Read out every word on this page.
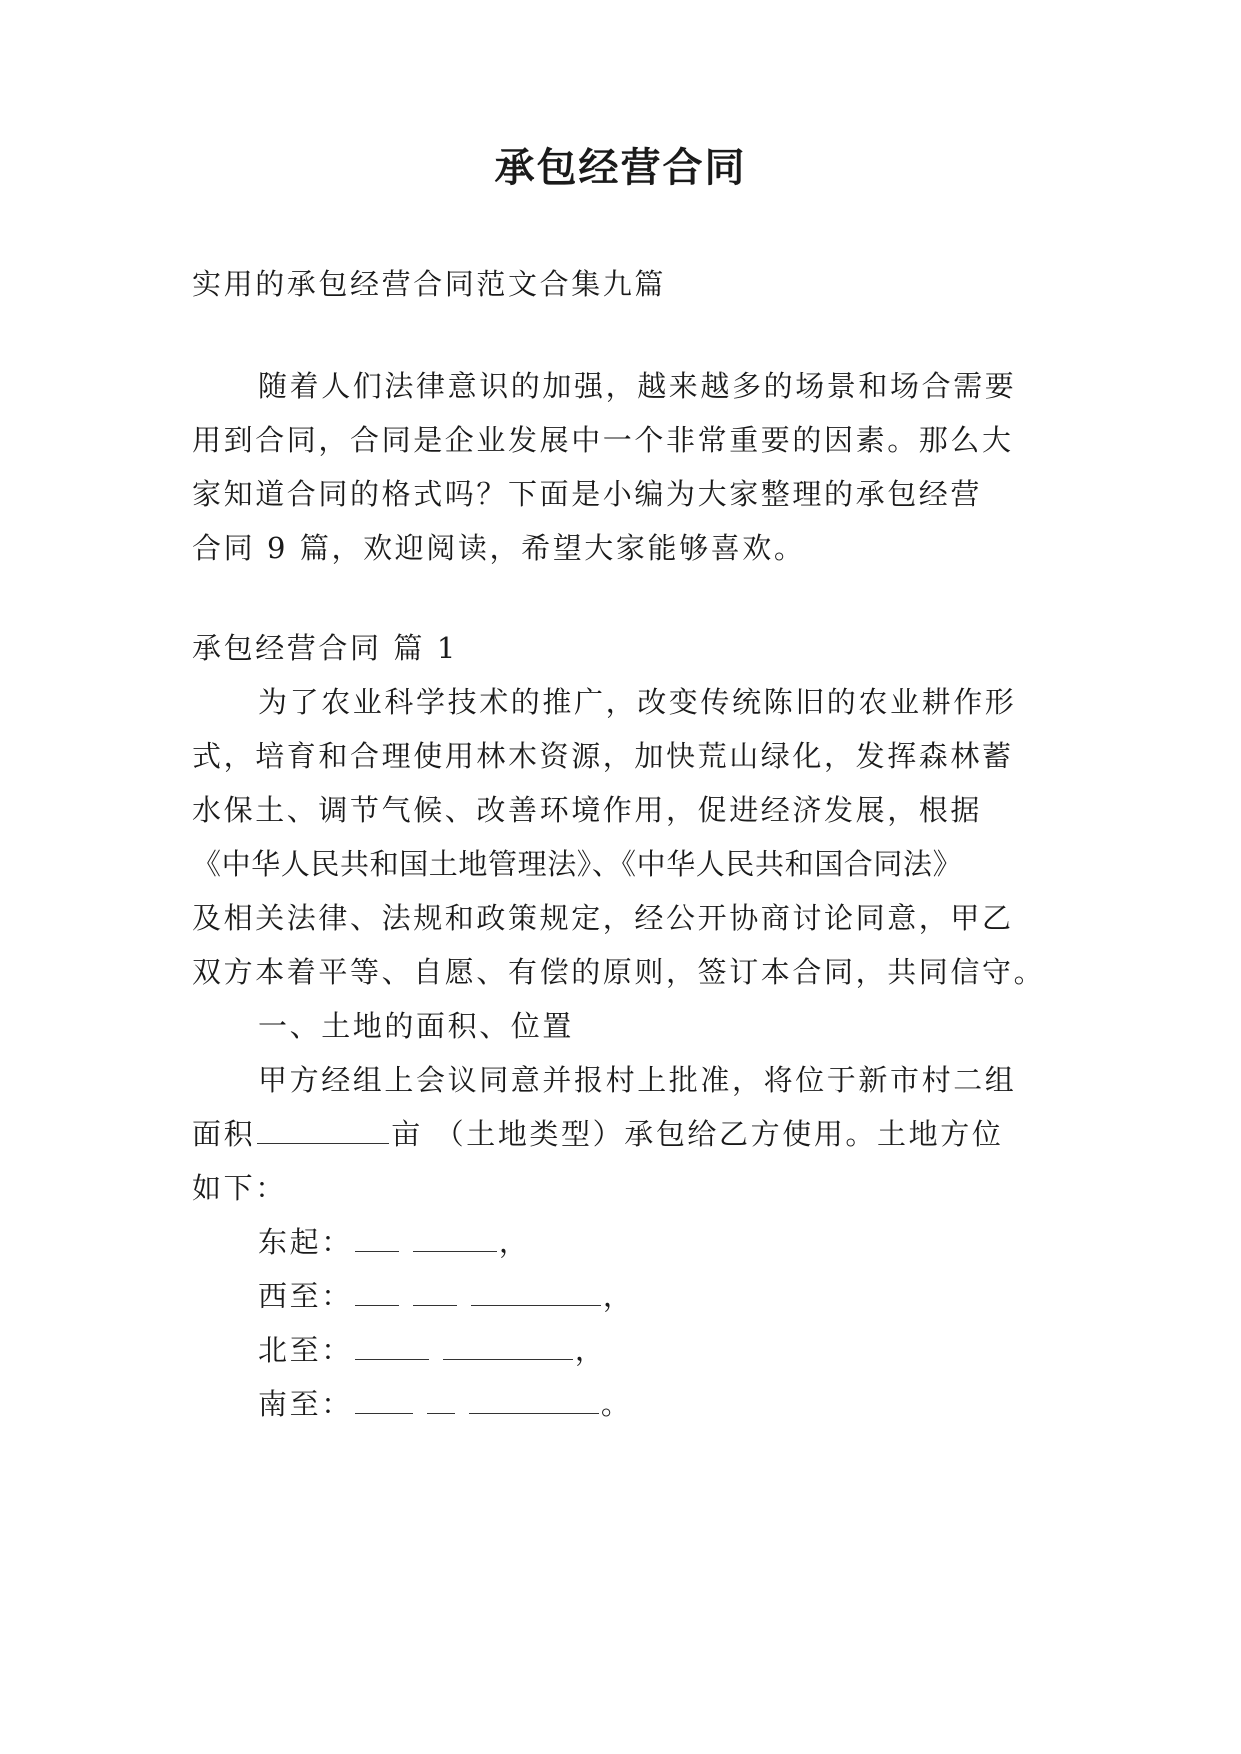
承包经营合同
实用的承包经营合同范文合集九篇
随着人们法律意识的加强，越来越多的场景和场合需要
用到合同，合同是企业发展中一个非常重要的因素。那么大
家知道合同的格式吗？下面是小编为大家整理的承包经营
合同 9 篇，欢迎阅读，希望大家能够喜欢。
承包经营合同 篇 1
为了农业科学技术的推广，改变传统陈旧的农业耕作形
式，培育和合理使用林木资源，加快荒山绿化，发挥森林蓄
水保土、调节气候、改善环境作用，促进经济发展，根据
《中华人民共和国土地管理法》、《中华人民共和国合同法》
及相关法律、法规和政策规定，经公开协商讨论同意，甲乙
双方本着平等、自愿、有偿的原则，签订本合同，共同信守。
一、土地的面积、位置
甲方经组上会议同意并报村上批准，将位于新市村二组
面积	亩 （土地类型）承包给乙方使用。土地方位
如下：
东起：	，
西至：	，
北至：	，
南至：	。
